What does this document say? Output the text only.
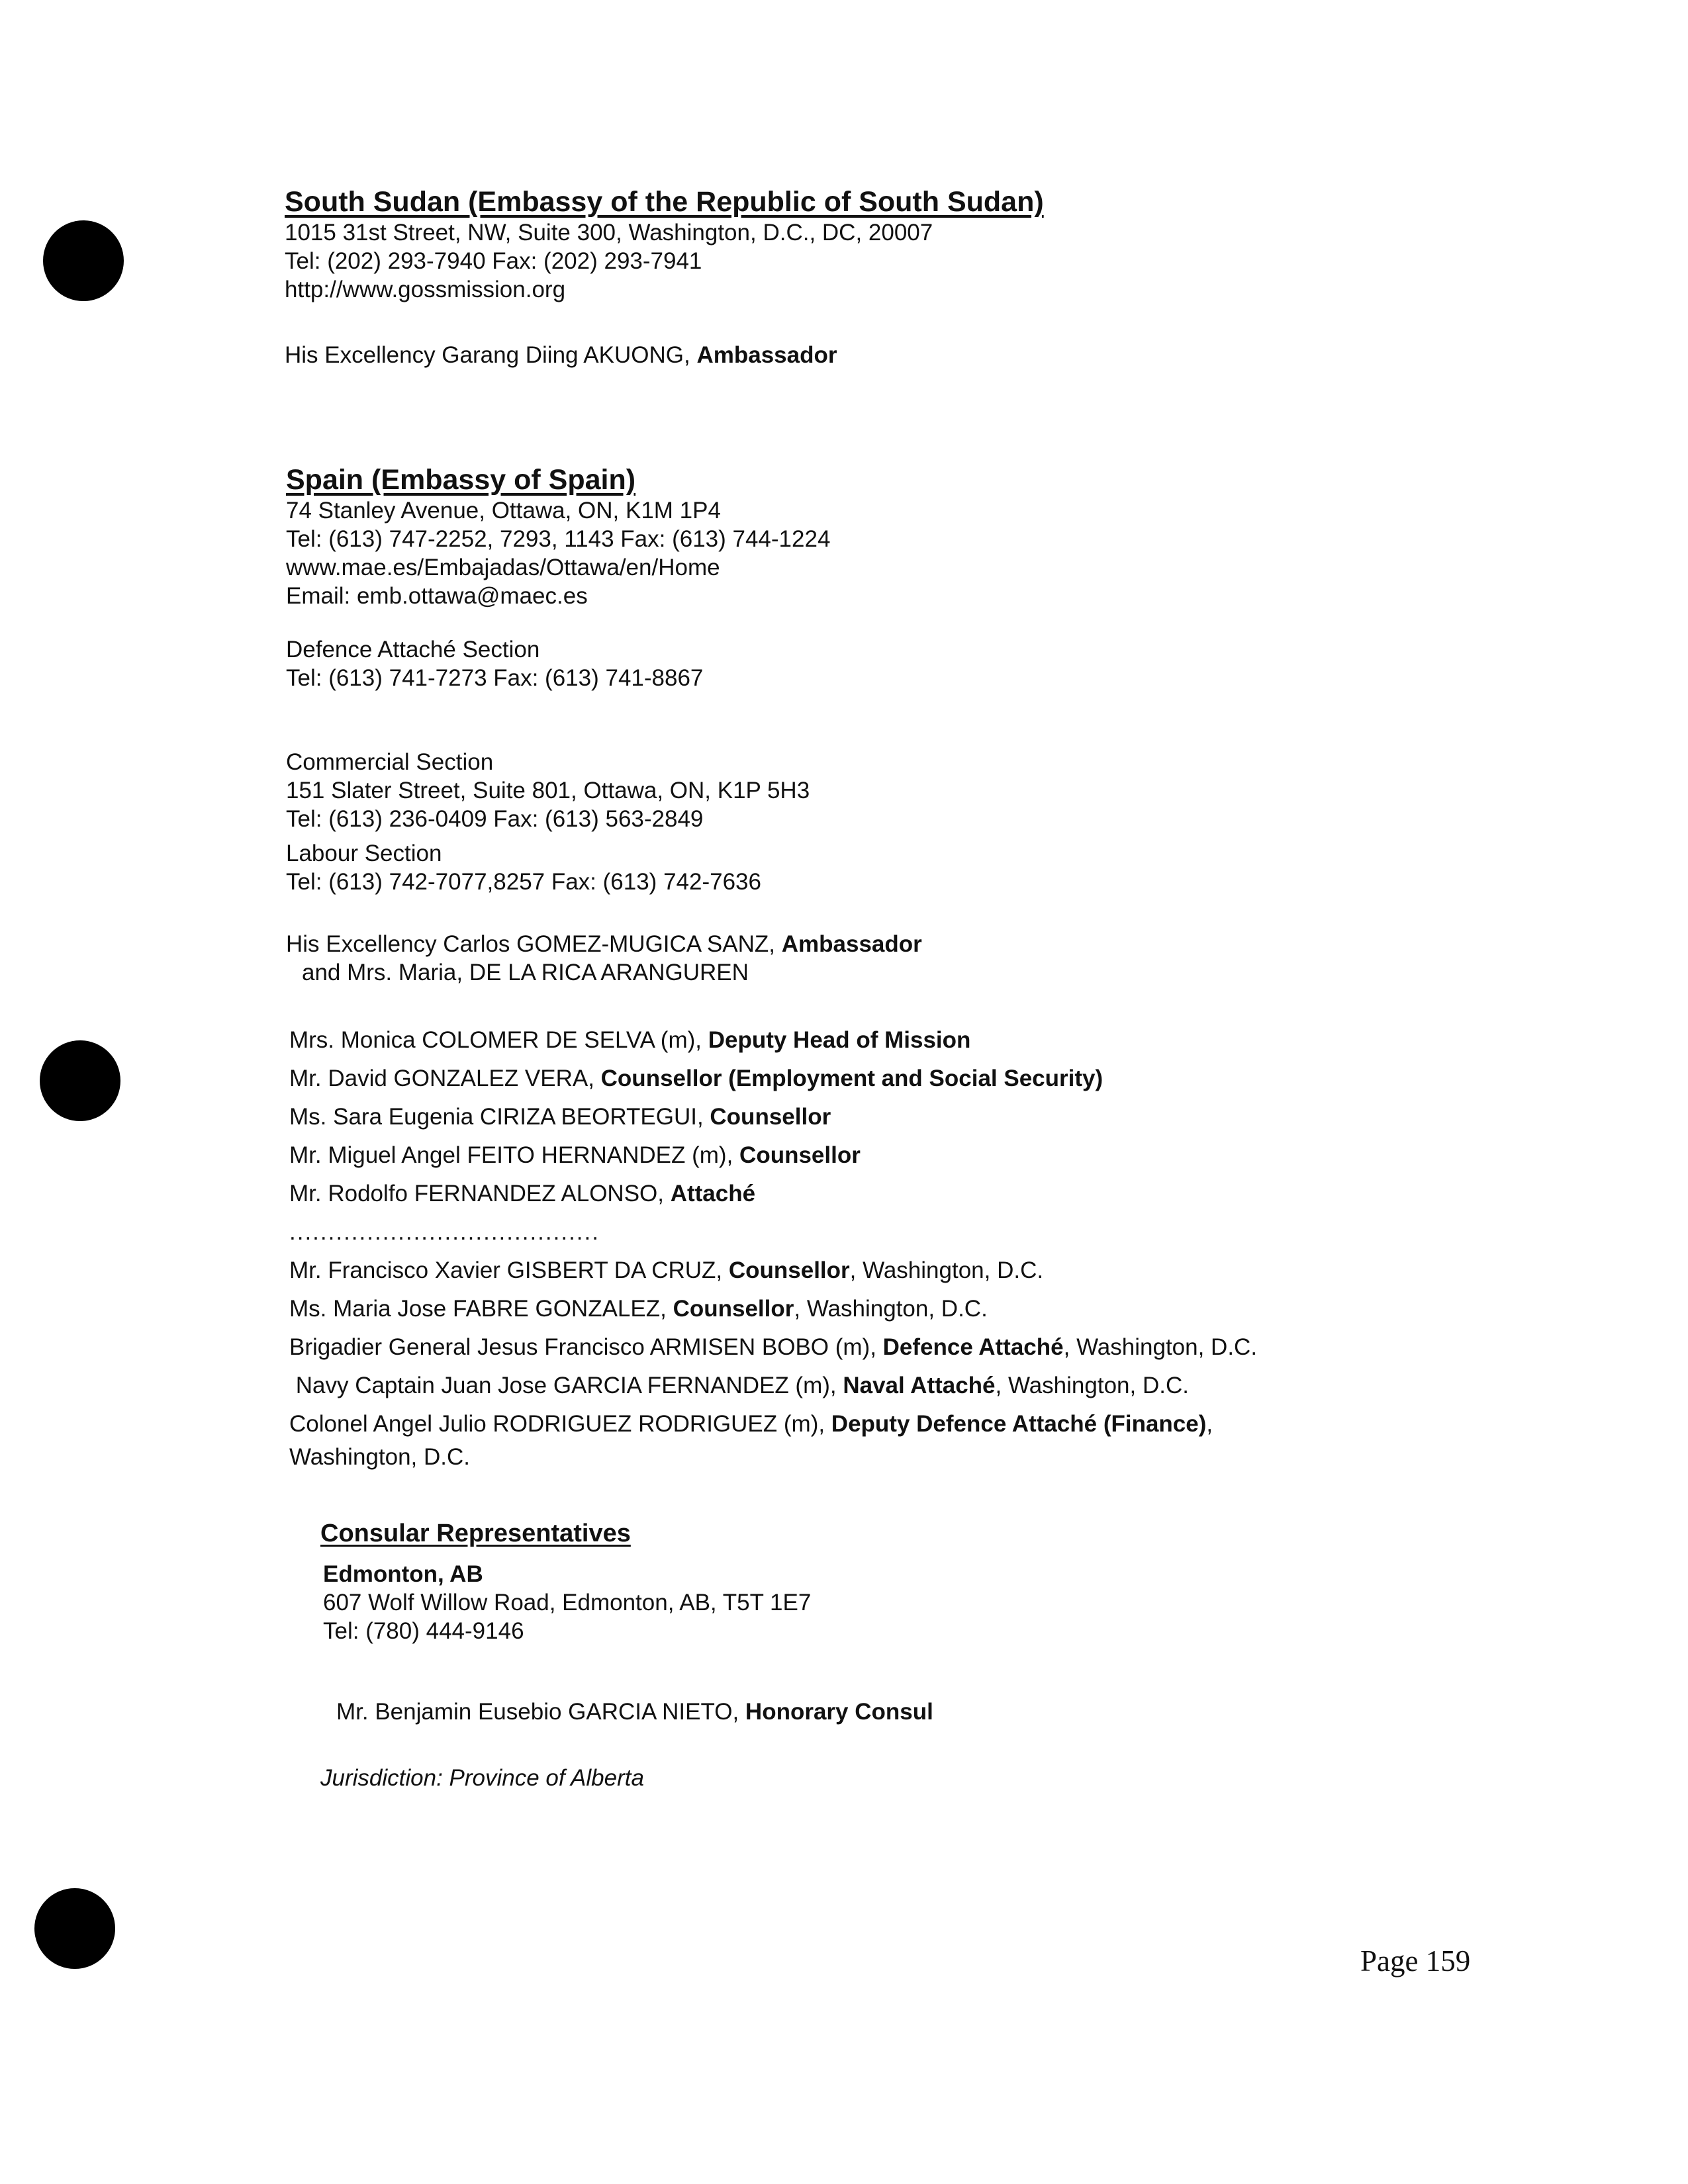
South Sudan (Embassy of the Republic of South Sudan)
1015 31st Street, NW, Suite 300, Washington, D.C., DC, 20007
Tel: (202) 293-7940 Fax: (202) 293-7941
http://www.gossmission.org
His Excellency Garang Diing AKUONG, Ambassador
Spain (Embassy of Spain)
74 Stanley Avenue, Ottawa, ON, K1M 1P4
Tel: (613) 747-2252, 7293, 1143 Fax: (613) 744-1224
www.mae.es/Embajadas/Ottawa/en/Home
Email: emb.ottawa@maec.es
Defence Attaché Section
Tel: (613) 741-7273 Fax: (613) 741-8867
Commercial Section
151 Slater Street, Suite 801, Ottawa, ON, K1P 5H3
Tel: (613) 236-0409 Fax: (613) 563-2849
Labour Section
Tel: (613) 742-7077,8257 Fax: (613) 742-7636
His Excellency Carlos GOMEZ-MUGICA SANZ, Ambassador
and Mrs. Maria, DE LA RICA ARANGUREN
Mrs. Monica COLOMER DE SELVA (m), Deputy Head of Mission
Mr. David GONZALEZ VERA, Counsellor (Employment and Social Security)
Ms. Sara Eugenia CIRIZA BEORTEGUI, Counsellor
Mr. Miguel Angel FEITO HERNANDEZ (m), Counsellor
Mr. Rodolfo FERNANDEZ ALONSO, Attaché
........................................
Mr. Francisco Xavier GISBERT DA CRUZ, Counsellor, Washington, D.C.
Ms. Maria Jose FABRE GONZALEZ, Counsellor, Washington, D.C.
Brigadier General Jesus Francisco ARMISEN BOBO (m), Defence Attaché, Washington, D.C.
Navy Captain Juan Jose GARCIA FERNANDEZ (m), Naval Attaché, Washington, D.C.
Colonel Angel Julio RODRIGUEZ RODRIGUEZ (m), Deputy Defence Attaché (Finance),
Washington, D.C.
Consular Representatives
Edmonton, AB
607 Wolf Willow Road, Edmonton, AB, T5T 1E7
Tel: (780) 444-9146
Mr. Benjamin Eusebio GARCIA NIETO, Honorary Consul
Jurisdiction: Province of Alberta
Page 159
